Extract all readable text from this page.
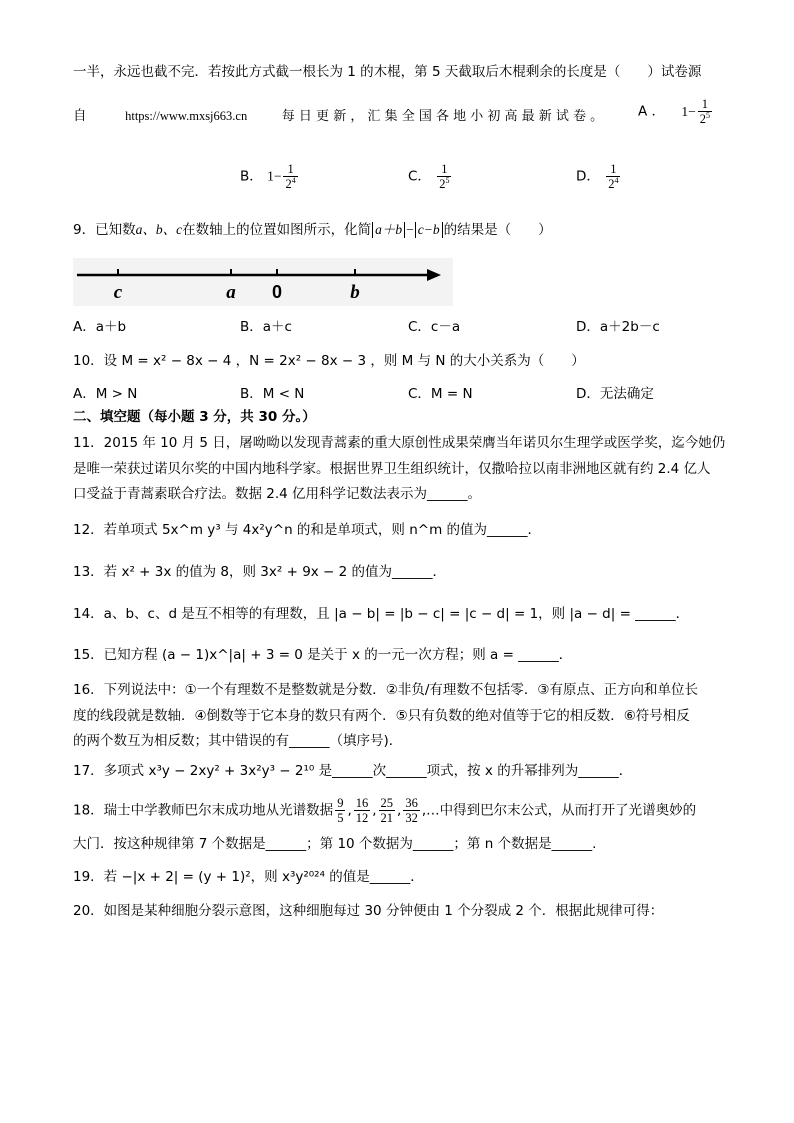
一半，永远也截不完．若按此方式截一根长为 1 的木棍，第 5 天截取后木棍剩余的长度是（　　）试卷源
自	https://www.mxsj663.cn	每 日 更 新 ， 汇 集 全 国 各 地 小 初 高 最 新 试 卷 。	A ． $1- \frac{1}{2^5}$
B． $1- \frac{1}{2^4}$	C． $\frac{1}{2^5}$	D． $\frac{1}{2^4}$
9．已知数a、b、c在数轴上的位置如图所示，化简 a＋b − c−b 的结果是（　　）
c	a 0	b
A．a＋b	B．a＋c	C．c－a	D．a＋2b－c
10．设 M = x² − 8x − 4 ，N = 2x² − 8x − 3 ，则 M 与 N 的大小关系为（　　）
A．M > N	B．M < N	C．M = N	D．无法确定
二、填空题（每小题 3 分，共 30 分。）
11．2015 年 10 月 5 日，屠呦呦以发现青蒿素的重大原创性成果荣膺当年诺贝尔生理学或医学奖，迄今她仍
是唯一荣获过诺贝尔奖的中国内地科学家。根据世界卫生组织统计，仅撒哈拉以南非洲地区就有约 2.4 亿人
口受益于青蒿素联合疗法。数据 2.4 亿用科学记数法表示为______。
12．若单项式 5x^m y³ 与 4x²y^n 的和是单项式，则 n^m 的值为______．
13．若 x² + 3x 的值为 8，则 3x² + 9x − 2 的值为______．
14．a、b、c、d 是互不相等的有理数，且 |a − b| = |b − c| = |c − d| = 1，则 |a − d| = ______．
15．已知方程 (a − 1)x^|a| + 3 = 0 是关于 x 的一元一次方程；则 a = ______．
16．下列说法中：①一个有理数不是整数就是分数．②非负/有理数不包括零．③有原点、正方向和单位长
度的线段就是数轴．④倒数等于它本身的数只有两个．⑤只有负数的绝对值等于它的相反数．⑥符号相反
的两个数互为相反数；其中错误的有______（填序号)．
17．多项式 x³y − 2xy² + 3x²y³ − 2¹⁰ 是______次______项式，按 x 的升幂排列为______．
18．瑞士中学教师巴尔末成功地从光谱数据 $\frac{9}{5}$ , $\frac{16}{12}$ , $\frac{25}{21}$ , $\frac{36}{32}$ ,…中得到巴尔末公式，从而打开了光谱奥妙的
大门．按这种规律第 7 个数据是______；第 10 个数据为______；第 n 个数据是______.
19．若 −|x + 2| = (y + 1)²，则 x³y²⁰²⁴ 的值是______．
20．如图是某种细胞分裂示意图，这种细胞每过 30 分钟便由 1 个分裂成 2 个．根据此规律可得：
